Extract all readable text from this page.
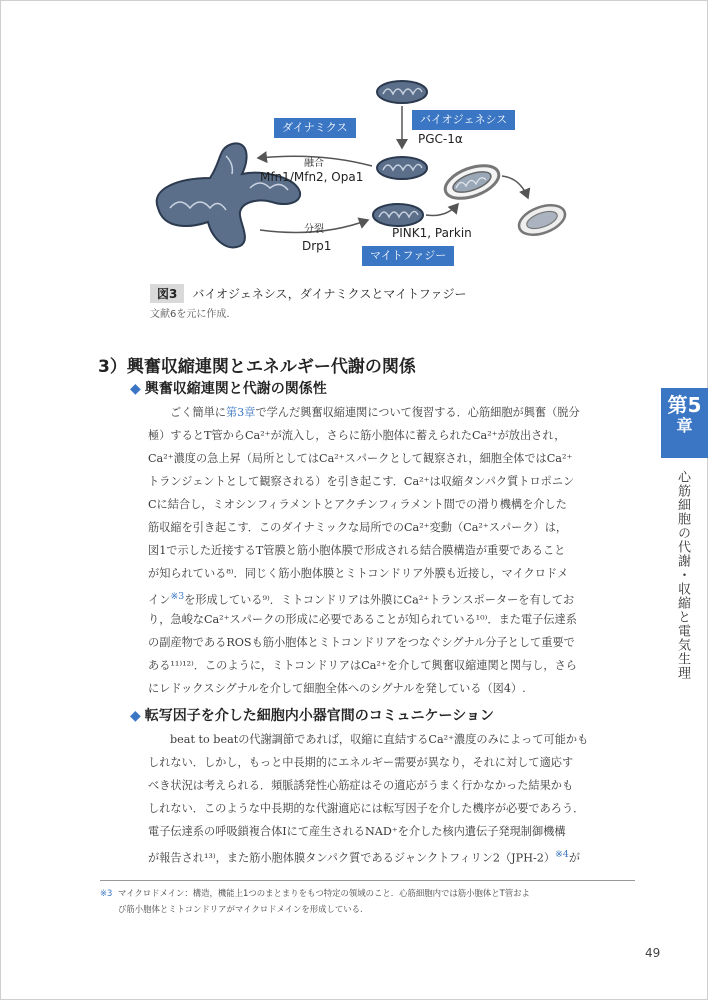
ダイナミクス
バイオジェネシス
マイトファジー
PGC-1α
融合
Mfn1/Mfn2, Opa1
分裂
Drp1
PINK1, Parkin
図3 バイオジェネシス，ダイナミクスとマイトファジー
文献6を元に作成.
3）興奮収縮連関とエネルギー代謝の関係
◆ 興奮収縮連関と代謝の関係性
ごく簡単に第3章で学んだ興奮収縮連関について復習する．心筋細胞が興奮（脱分
極）するとT管からCa²⁺が流入し，さらに筋小胞体に蓄えられたCa²⁺が放出され，
Ca²⁺濃度の急上昇（局所としてはCa²⁺スパークとして観察され，細胞全体ではCa²⁺
トランジェントとして観察される）を引き起こす．Ca²⁺は収縮タンパク質トロポニン
Cに結合し，ミオシンフィラメントとアクチンフィラメント間での滑り機構を介した
筋収縮を引き起こす．このダイナミックな局所でのCa²⁺変動（Ca²⁺スパーク）は，
図1で示した近接するT管膜と筋小胞体膜で形成される結合膜構造が重要であること
が知られている⁸⁾．同じく筋小胞体膜とミトコンドリア外膜も近接し，マイクロドメ
イン$^{※3}$を形成している⁹⁾．ミトコンドリアは外膜にCa²⁺トランスポーターを有してお
り，急峻なCa²⁺スパークの形成に必要であることが知られている¹⁰⁾．また電子伝達系
の副産物であるROSも筋小胞体とミトコンドリアをつなぐシグナル分子として重要で
ある¹¹⁾¹²⁾．このように，ミトコンドリアはCa²⁺を介して興奮収縮連関と関与し，さら
にレドックスシグナルを介して細胞全体へのシグナルを発している（図4）.
◆ 転写因子を介した細胞内小器官間のコミュニケーション
beat to beatの代謝調節であれば，収縮に直結するCa²⁺濃度のみによって可能かも
しれない．しかし，もっと中長期的にエネルギー需要が異なり，それに対して適応す
べき状況は考えられる．頻脈誘発性心筋症はその適応がうまく行かなかった結果かも
しれない．このような中長期的な代謝適応には転写因子を介した機序が必要であろう．
電子伝達系の呼吸鎖複合体Ⅰにて産生されるNAD⁺を介した核内遺伝子発現制御機構
が報告され¹³⁾，また筋小胞体膜タンパク質であるジャンクトフィリン$2(JPH-2)^{※4}$が
第5
章
心筋細胞の代謝・収縮と電気生理
※3 マイクロドメイン：構造，機能上1つのまとまりをもつ特定の領域のこと．心筋細胞内では筋小胞体とT管およ
び筋小胞体とミトコンドリアがマイクロドメインを形成している.
49
